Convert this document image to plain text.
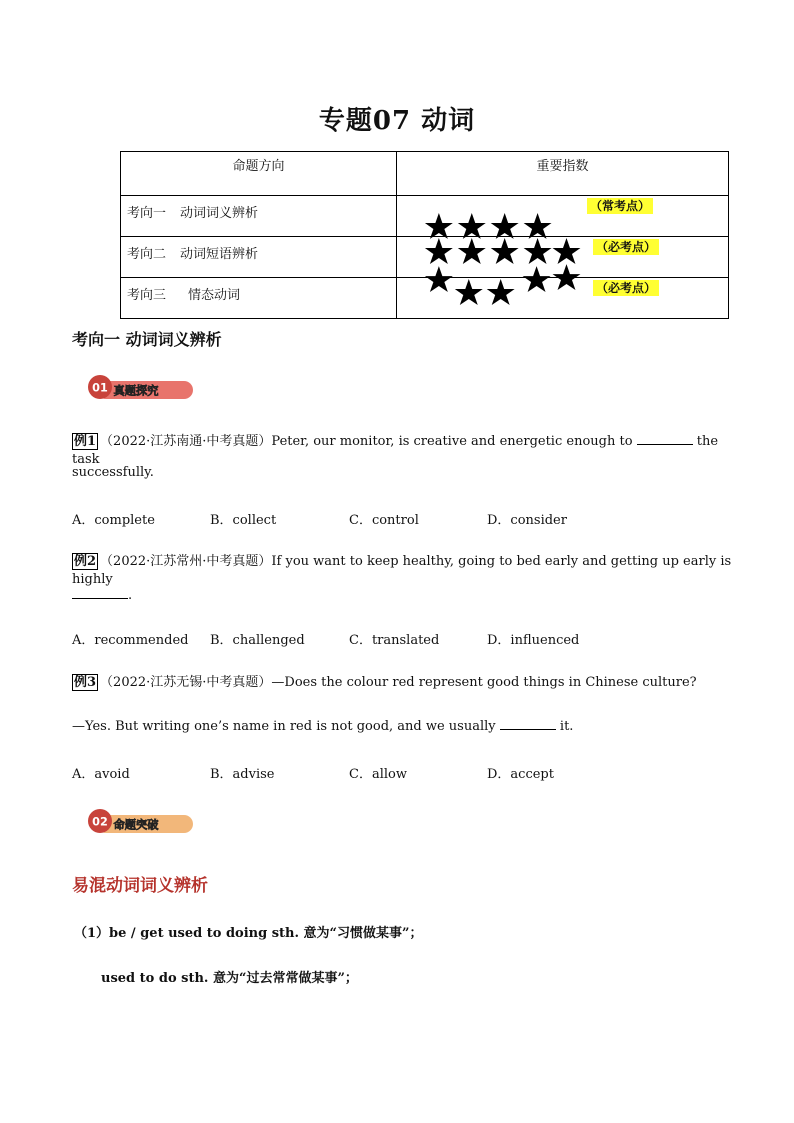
专题07 动词
命题方向	重要指数
考向一 动词词义辨析	（常考点）

考向二 动词短语辨析	（必考点）

考向三 情态动词	（必考点）
考向一 动词词义辨析
01 真题探究
例1 （2022·江苏南通·中考真题）Peter, our monitor, is creative and energetic enough to	the task
successfully.
A．complete	B．collect	C．control	D．consider
例2 （2022·江苏常州·中考真题）If you want to keep healthy, going to bed early and getting up early is highly
.
A．recommended B．challenged	C．translated	D．influenced
例3 （2022·江苏无锡·中考真题）—Does the colour red represent good things in Chinese culture?
—Yes. But writing one’s name in red is not good, and we usually	it.
A．avoid	B．advise	C．allow	D．accept
02 命题突破
易混动词词义辨析
（1）be / get used to doing sth. 意为“习惯做某事”；
used to do sth. 意为“过去常常做某事”；
